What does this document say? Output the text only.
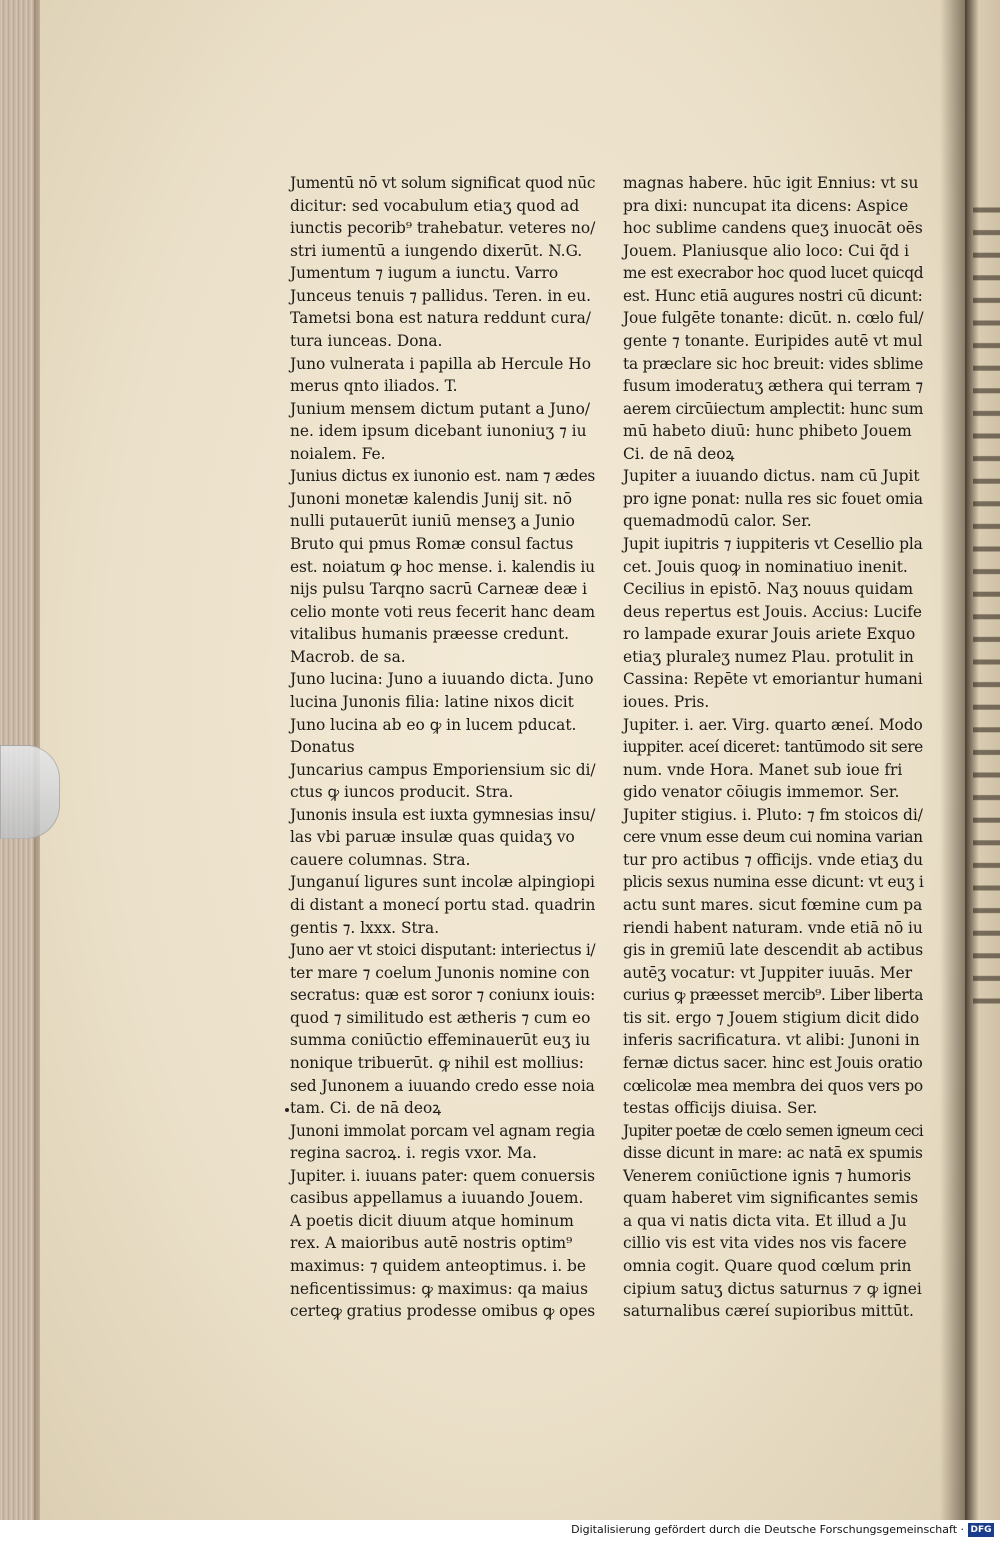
Jumentū nō vt solum significat quod nūc
dicitur: sed vocabulum etiaʒ quod ad
iunctis pecorib⁹ trahebatur. veteres no/
stri iumentū a iungendo dixerūt. N.G.
Jumentum ⁊ iugum a iunctu. Varro
Junceus tenuis ⁊ pallidus. Teren. in eu.
Tametsi bona est natura reddunt cura/
tura iunceas. Dona.
Juno vulnerata i papilla ab Hercule Ho
merus qnto iliados. T.
Junium mensem dictum putant a Juno/
ne. idem ipsum dicebant iunoniuʒ ⁊ iu
noialem. Fe.
Junius dictus ex iunonio est. nam ⁊ ædes
Junoni monetæ kalendis Junij sit. nō
nulli putauerūt iuniū menseʒ a Junio
Bruto qui pmus Romæ consul factus
est. noiatum ꝙ hoc mense. i. kalendis iu
nijs pulsu Tarqno sacrū Carneæ deæ i
celio monte voti reus fecerit hanc deam
vitalibus humanis præesse credunt.
Macrob. de sa.
Juno lucina: Juno a iuuando dicta. Juno
lucina Junonis filia: latine nixos dicit
Juno lucina ab eo ꝙ in lucem pducat.
Donatus
Juncarius campus Emporiensium sic di/
ctus ꝙ iuncos producit. Stra.
Junonis insula est iuxta gymnesias insu/
las vbi paruæ insulæ quas quidaʒ vo
cauere columnas. Stra.
Junganuí ligures sunt incolæ alpingiopi
di distant a monecí portu stad. quadrin
gentis ⁊. lxxx. Stra.
Juno aer vt stoici disputant: interiectus i/
ter mare ⁊ coelum Junonis nomine con
secratus: quæ est soror ⁊ coniunx iouis:
quod ⁊ similitudo est ætheris ⁊ cum eo
summa coniūctio effeminauerūt euʒ iu
nonique tribuerūt. ꝙ nihil est mollius:
sed Junonem a iuuando credo esse noia
tam. Ci. de nā deoꝝ
Junoni immolat porcam vel agnam regia
regina sacroꝝ. i. regis vxor. Ma.
Jupiter. i. iuuans pater: quem conuersis
casibus appellamus a iuuando Jouem.
A poetis dicit diuum atque hominum
rex. A maioribus autē nostris optim⁹
maximus: ⁊ quidem anteoptimus. i. be
neficentissimus: ꝙ maximus: qa maius
certeꝙ gratius prodesse omibus ꝙ opes
magnas habere. hūc igit Ennius: vt su
pra dixi: nuncupat ita dicens: Aspice
hoc sublime candens queʒ inuocāt oēs
Jouem. Planiusque alio loco: Cui q̄d i
me est execrabor hoc quod lucet quicqd
est. Hunc etiā augures nostri cū dicunt:
Joue fulgēte tonante: dicūt. n. cœlo ful/
gente ⁊ tonante. Euripides autē vt mul
ta præclare sic hoc breuit: vides sblime
fusum imoderatuʒ æthera qui terram ⁊
aerem circūiectum amplectit: hunc sum
mū habeto diuū: hunc phibeto Jouem
Ci. de nā deoꝝ
Jupiter a iuuando dictus. nam cū Jupit
pro igne ponat: nulla res sic fouet omia
quemadmodū calor. Ser.
Jupit iupitris ⁊ iuppiteris vt Cesellio pla
cet. Jouis quoꝙ in nominatiuo inenit.
Cecilius in epistō. Naʒ nouus quidam
deus repertus est Jouis. Accius: Lucife
ro lampade exurar Jouis ariete Exquo
etiaʒ pluraleʒ numez Plau. protulit in
Cassina: Repēte vt emoriantur humani
ioues. Pris.
Jupiter. i. aer. Virg. quarto æneí. Modo
iuppiter. aceí diceret: tantūmodo sit sere
num. vnde Hora. Manet sub ioue fri
gido venator cōiugis immemor. Ser.
Jupiter stigius. i. Pluto: ⁊ fm stoicos di/
cere vnum esse deum cui nomina varian
tur pro actibus ⁊ officijs. vnde etiaʒ du
plicis sexus numina esse dicunt: vt euʒ i
actu sunt mares. sicut fœmine cum pa
riendi habent naturam. vnde etiā nō iu
gis in gremiū late descendit ab actibus
autēʒ vocatur: vt Juppiter iuuās. Mer
curius ꝙ præesset mercib⁹. Liber liberta
tis sit. ergo ⁊ Jouem stigium dicit dido
inferis sacrificatura. vt alibi: Junoni in
fernæ dictus sacer. hinc est Jouis oratio
cœlicolæ mea membra dei quos vers po
testas officijs diuisa. Ser.
Jupiter poetæ de cœlo semen igneum ceci
disse dicunt in mare: ac natā ex spumis
Venerem coniūctione ignis ⁊ humoris
quam haberet vim significantes semis
a qua vi natis dicta vita. Et illud a Ju
cillio vis est vita vides nos vis facere
omnia cogit. Quare quod cœlum prin
cipium satuʒ dictus saturnus ⁊ ꝙ ignei
saturnalibus cæreí supioribus mittūt.
Digitalisierung gefördert durch die Deutsche Forschungsgemeinschaft · DFG
